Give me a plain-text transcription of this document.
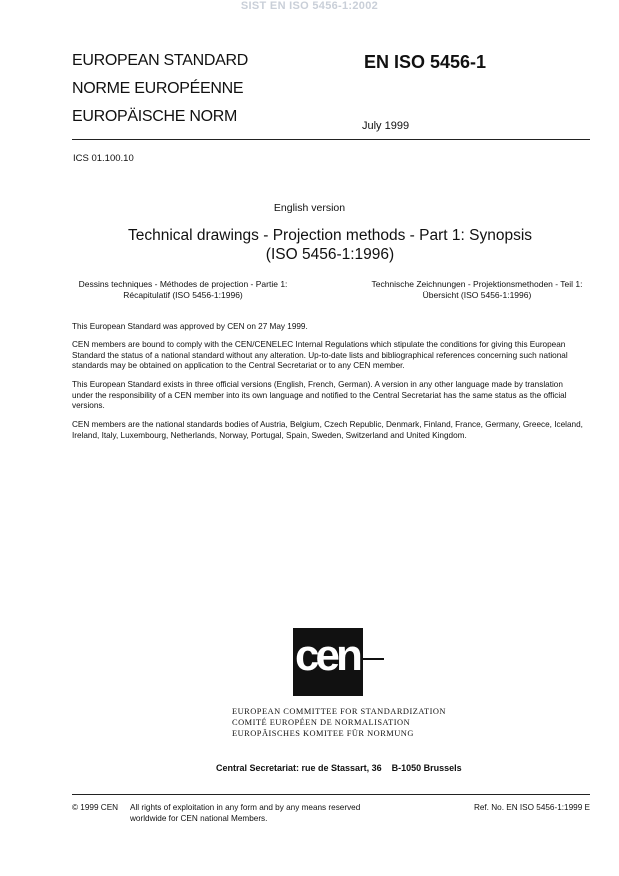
SIST EN ISO 5456-1:2002
EUROPEAN STANDARD
NORME EUROPÉENNE
EUROPÄISCHE NORM
EN ISO 5456-1
July 1999
ICS 01.100.10
English version
Technical drawings - Projection methods - Part 1: Synopsis (ISO 5456-1:1996)
Dessins techniques - Méthodes de projection - Partie 1: Récapitulatif (ISO 5456-1:1996)
Technische Zeichnungen - Projektionsmethoden - Teil 1: Übersicht (ISO 5456-1:1996)
This European Standard was approved by CEN on 27 May 1999.
CEN members are bound to comply with the CEN/CENELEC Internal Regulations which stipulate the conditions for giving this European Standard the status of a national standard without any alteration. Up-to-date lists and bibliographical references concerning such national standards may be obtained on application to the Central Secretariat or to any CEN member.
This European Standard exists in three official versions (English, French, German). A version in any other language made by translation under the responsibility of a CEN member into its own language and notified to the Central Secretariat has the same status as the official versions.
CEN members are the national standards bodies of Austria, Belgium, Czech Republic, Denmark, Finland, France, Germany, Greece, Iceland, Ireland, Italy, Luxembourg, Netherlands, Norway, Portugal, Spain, Sweden, Switzerland and United Kingdom.
cen
EUROPEAN COMMITTEE FOR STANDARDIZATION
COMITÉ EUROPÉEN DE NORMALISATION
EUROPÄISCHES KOMITEE FÜR NORMUNG
Central Secretariat: rue de Stassart, 36    B-1050 Brussels
© 1999 CEN All rights of exploitation in any form and by any means reserved worldwide for CEN national Members.
Ref. No. EN ISO 5456-1:1999 E
